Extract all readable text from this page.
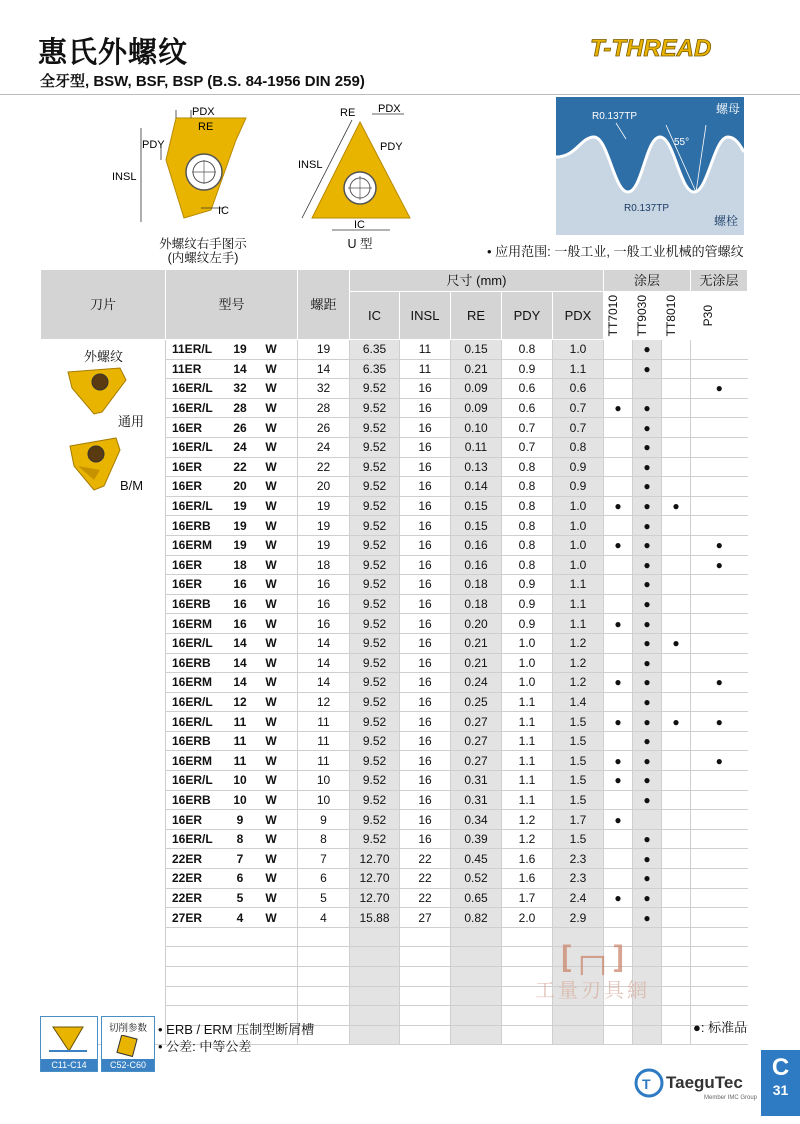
惠氏外螺纹
全牙型, BSW, BSF, BSP (B.S. 84-1956 DIN 259)
T-THREAD
PDX
RE
PDY
INSL
IC
外螺纹右手图示
(内螺纹左手)
RE PDX
PDY
INSL
IC
U 型
螺母
螺栓
R0.137TP
R0.137TP
55°
• 应用范围: 一般工业, 一般工业机械的管螺纹
刀片	型号	螺距	尺寸 (mm)					涂层			无涂层
			IC	INSL	RE	PDY	PDX	TT7010	TT9030	TT8010	P30

	11ER/L 19 W	19	6.35	11	0.15	0.8	1.0		●		
	11ER 14 W	14	6.35	11	0.21	0.9	1.1		●		
	16ER/L 32 W	32	9.52	16	0.09	0.6	0.6				●
	16ER/L 28 W	28	9.52	16	0.09	0.6	0.7	●	●		
	16ER 26 W	26	9.52	16	0.10	0.7	0.7		●		
	16ER/L 24 W	24	9.52	16	0.11	0.7	0.8		●		
	16ER 22 W	22	9.52	16	0.13	0.8	0.9		●		
	16ER 20 W	20	9.52	16	0.14	0.8	0.9		●		
	16ER/L 19 W	19	9.52	16	0.15	0.8	1.0	●	●	●	
	16ERB 19 W	19	9.52	16	0.15	0.8	1.0		●		
	16ERM 19 W	19	9.52	16	0.16	0.8	1.0	●	●		●
	16ER 18 W	18	9.52	16	0.16	0.8	1.0		●		●
	16ER 16 W	16	9.52	16	0.18	0.9	1.1		●		
	16ERB 16 W	16	9.52	16	0.18	0.9	1.1		●		
	16ERM 16 W	16	9.52	16	0.20	0.9	1.1	●	●		
	16ER/L 14 W	14	9.52	16	0.21	1.0	1.2		●	●	
	16ERB 14 W	14	9.52	16	0.21	1.0	1.2		●		
	16ERM 14 W	14	9.52	16	0.24	1.0	1.2	●	●		●
	16ER/L 12 W	12	9.52	16	0.25	1.1	1.4		●		
	16ER/L 11 W	11	9.52	16	0.27	1.1	1.5	●	●	●	●
	16ERB 11 W	11	9.52	16	0.27	1.1	1.5		●		
	16ERM 11 W	11	9.52	16	0.27	1.1	1.5	●	●		●
	16ER/L 10 W	10	9.52	16	0.31	1.1	1.5	●	●		
	16ERB 10 W	10	9.52	16	0.31	1.1	1.5		●		
	16ER 9 W	9	9.52	16	0.34	1.2	1.7	●			
	16ER/L 8 W	8	9.52	16	0.39	1.2	1.5		●		
	22ER 7 W	7	12.70	22	0.45	1.6	2.3		●		
	22ER 6 W	6	12.70	22	0.52	1.6	2.3		●		
	22ER 5 W	5	12.70	22	0.65	1.7	2.4	●	●		
	27ER 4 W	4	15.88	27	0.82	2.0	2.9		●		

外螺纹
通用
B/M
[┌┐]
工量刃具網
C11-C14
切削参数
C52-C60
• ERB / ERM 压制型断屑槽
• 公差: 中等公差
●: 标准品
T TaeguTec
Member IMC Group
C
31
